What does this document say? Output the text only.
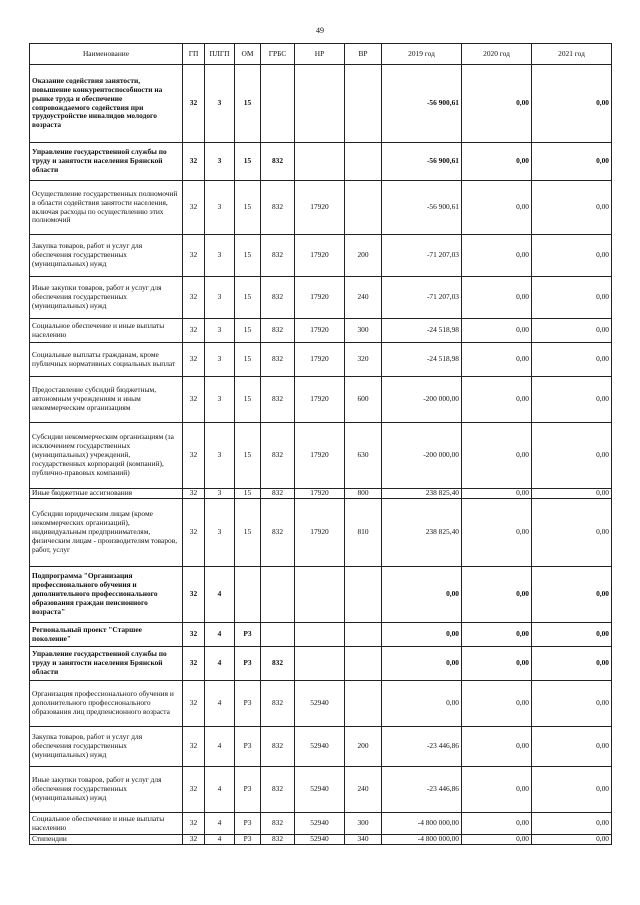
49
Наименование	ГП	ПЛГП	ОМ	ГРБС	НР	ВР	2019 год	2020 год	2021 год
Оказание содействия занятости, повышение конкурентоспособности на рынке труда и обеспечение сопровождаемого содействия при трудоустройстве инвалидов молодого возраста	32	3	15				-56 900,61	0,00	0,00
Управление государственной службы по труду и занятости населения Брянской области	32	3	15	832			-56 900,61	0,00	0,00
Осуществление государственных полномочий в области содействия занятости населения, включая расходы по осуществлению этих полномочий	32	3	15	832	17920		-56 900,61	0,00	0,00
Закупка товаров, работ и услуг для обеспечения государственных (муниципальных) нужд	32	3	15	832	17920	200	-71 207,03	0,00	0,00
Иные закупки товаров, работ и услуг для обеспечения государственных (муниципальных) нужд	32	3	15	832	17920	240	-71 207,03	0,00	0,00
Социальное обеспечение и иные выплаты населению	32	3	15	832	17920	300	-24 518,98	0,00	0,00
Социальные выплаты гражданам, кроме публичных нормативных социальных выплат	32	3	15	832	17920	320	-24 518,98	0,00	0,00
Предоставление субсидий бюджетным, автономным учреждениям и иным некоммерческим организациям	32	3	15	832	17920	600	-200 000,00	0,00	0,00
Субсидии некоммерческим организациям (за исключением государственных (муниципальных) учреждений, государственных корпораций (компаний), публично-правовых компаний)	32	3	15	832	17920	630	-200 000,00	0,00	0,00
Иные бюджетные ассигнования	32	3	15	832	17920	800	238 825,40	0,00	0,00
Субсидии юридическим лицам (кроме некоммерческих организаций), индивидуальным предпринимателям, физическим лицам - производителям товаров, работ, услуг	32	3	15	832	17920	810	238 825,40	0,00	0,00
Подпрограмма "Организация профессионального обучения и дополнительного профессионального образования граждан пенсионного возраста"	32	4					0,00	0,00	0,00
Региональный проект "Старшее поколение"	32	4	P3				0,00	0,00	0,00
Управление государственной службы по труду и занятости населения Брянской области	32	4	P3	832			0,00	0,00	0,00
Организация профессионального обучения и дополнительного профессионального образования лиц предпенсионного возраста	32	4	P3	832	52940		0,00	0,00	0,00
Закупка товаров, работ и услуг для обеспечения государственных (муниципальных) нужд	32	4	P3	832	52940	200	-23 446,86	0,00	0,00
Иные закупки товаров, работ и услуг для обеспечения государственных (муниципальных) нужд	32	4	P3	832	52940	240	-23 446,86	0,00	0,00
Социальное обеспечение и иные выплаты населению	32	4	P3	832	52940	300	-4 800 000,00	0,00	0,00
Стипендии	32	4	P3	832	52940	340	-4 800 000,00	0,00	0,00
